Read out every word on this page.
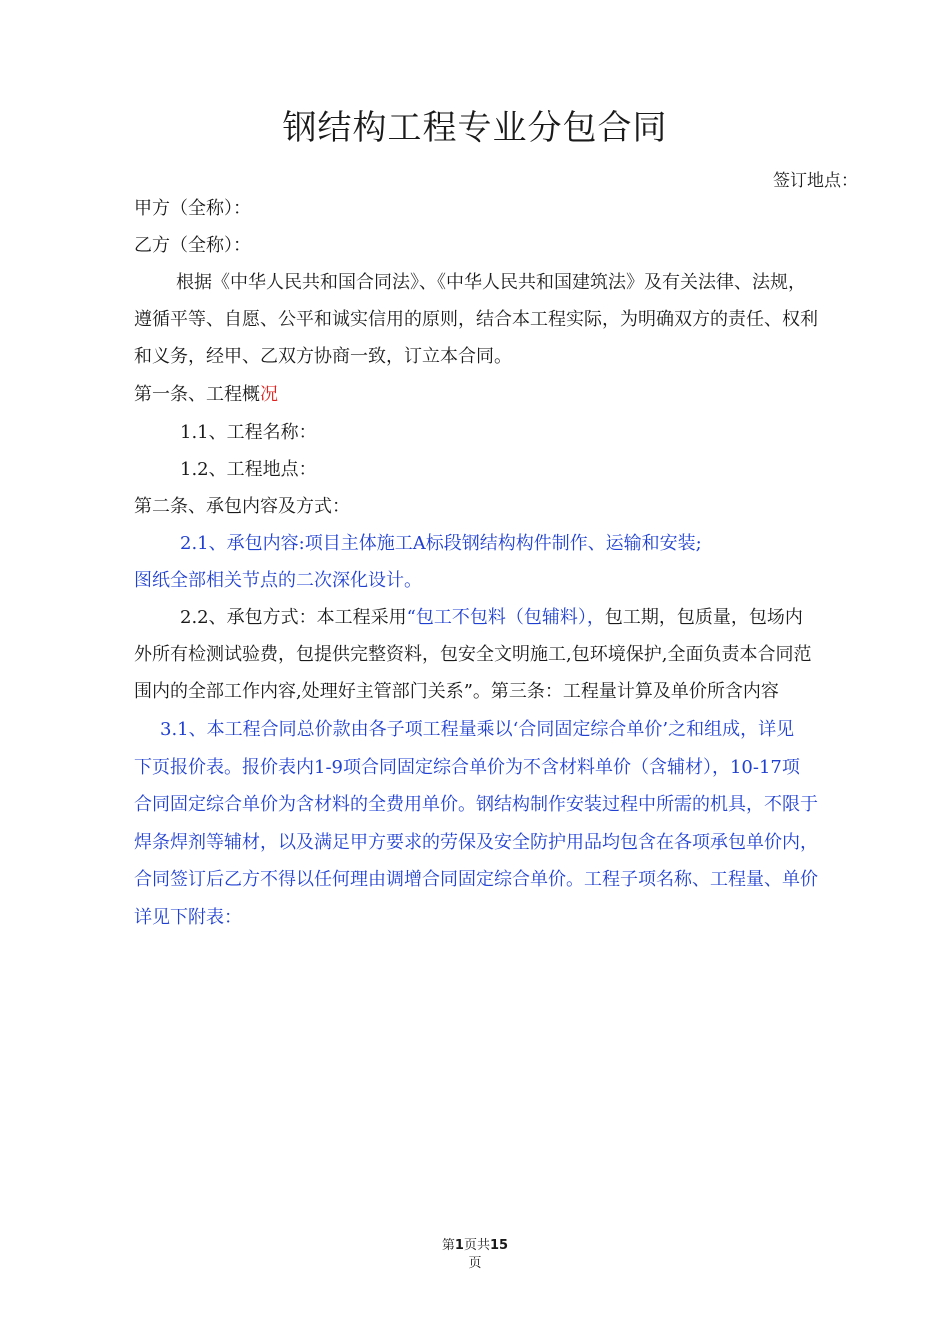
钢结构工程专业分包合同
签订地点：
甲方（全称）：
乙方（全称）：
根据《中华人民共和国合同法》、《中华人民共和国建筑法》及有关法律、法规，
遵循平等、自愿、公平和诚实信用的原则，结合本工程实际，为明确双方的责任、权利
和义务，经甲、乙双方协商一致，订立本合同。
第一条、工程概况
1.1、工程名称：
1.2、工程地点：
第二条、承包内容及方式：
2.1、承包内容:项目主体施工A标段钢结构构件制作、运输和安装;
图纸全部相关节点的二次深化设计。
2.2、承包方式：本工程采用“包工不包料（包辅料），包工期，包质量，包场内
外所有检测试验费，包提供完整资料，包安全文明施工,包环境保护,全面负责本合同范
围内的全部工作内容,处理好主管部门关系”。第三条：工程量计算及单价所含内容
3.1、本工程合同总价款由各子项工程量乘以‘合同固定综合单价’之和组成，详见
下页报价表。报价表内1-9项合同固定综合单价为不含材料单价（含辅材），10-17项
合同固定综合单价为含材料的全费用单价。钢结构制作安装过程中所需的机具，不限于
焊条焊剂等辅材，以及满足甲方要求的劳保及安全防护用品均包含在各项承包单价内，
合同签订后乙方不得以任何理由调增合同固定综合单价。工程子项名称、工程量、单价
详见下附表：
第1页共15
页
